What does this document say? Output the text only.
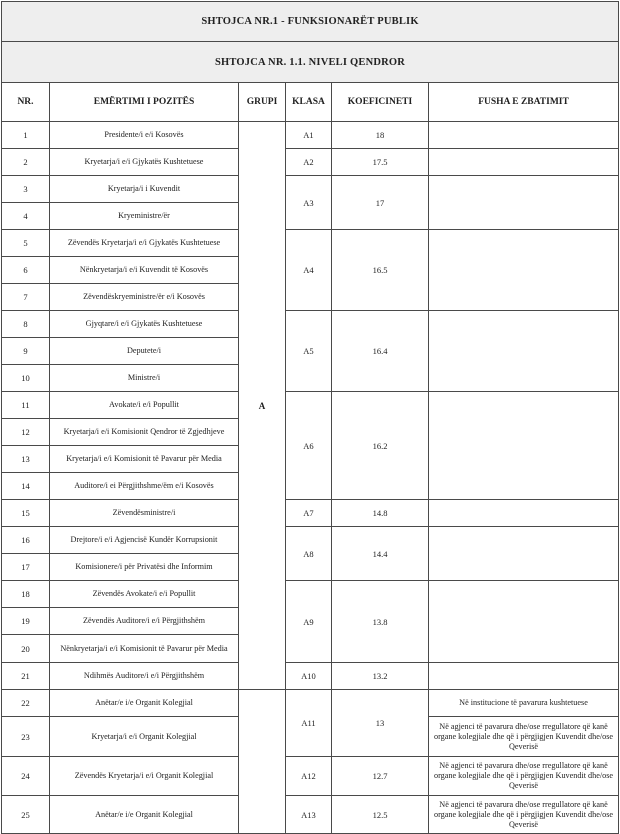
SHTOJCA NR.1 - FUNKSIONARËT PUBLIK					
SHTOJCA NR. 1.1. NIVELI QENDROR					
NR.	EMËRTIMI I POZITËS	GRUPI	KLASA	KOEFICINETI	FUSHA E ZBATIMIT
1	Presidente/i e/i Kosovës	A	A1	18	
2	Kryetarja/i e/i Gjykatës Kushtetuese		A2	17.5	
3	Kryetarja/i i Kuvendit		A3	17	
4	Kryeministre/ër				
5	Zëvendës Kryetarja/i e/i Gjykatës Kushtetuese		A4	16.5	
6	Nënkryetarja/i e/i Kuvendit të Kosovës				
7	Zëvendëskryeministre/ër e/i Kosovës				
8	Gjyqtare/i e/i Gjykatës Kushtetuese		A5	16.4	
9	Deputete/i				
10	Ministre/i				
11	Avokate/i e/i Popullit		A6	16.2	
12	Kryetarja/i e/i Komisionit Qendror të Zgjedhjeve				
13	Kryetarja/i e/i Komisionit të Pavarur për Media				
14	Auditore/i ei Përgjithshme/ëm e/i Kosovës				
15	Zëvendësministre/i		A7	14.8	
16	Drejtore/i e/i Agjencisë Kundër Korrupsionit		A8	14.4	
17	Komisionere/i për Privatësi dhe Informim				
18	Zëvendës Avokate/i e/i Popullit		A9	13.8	
19	Zëvendës Auditore/i e/i Përgjithshëm				
20	Nënkryetarja/i e/i Komisionit të Pavarur për Media				
21	Ndihmës Auditore/i e/i Përgjithshëm		A10	13.2	
22	Anëtar/e i/e Organit Kolegjial		A11	13	Në institucione të pavarura kushtetuese
23	Kryetarja/i e/i Organit Kolegjial				Në agjenci të pavarura dhe/ose rregullatore që kanë organe kolegjiale dhe që i përgjigjen Kuvendit dhe/ose Qeverisë
24	Zëvendës Kryetarja/i e/i Organit Kolegjial		A12	12.7	Në agjenci të pavarura dhe/ose rregullatore që kanë organe kolegjiale dhe që i përgjigjen Kuvendit dhe/ose Qeverisë
25	Anëtar/e i/e Organit Kolegjial		A13	12.5	Në agjenci të pavarura dhe/ose rregullatore që kanë organe kolegjiale dhe që i përgjigjen Kuvendit dhe/ose Qeverisë
